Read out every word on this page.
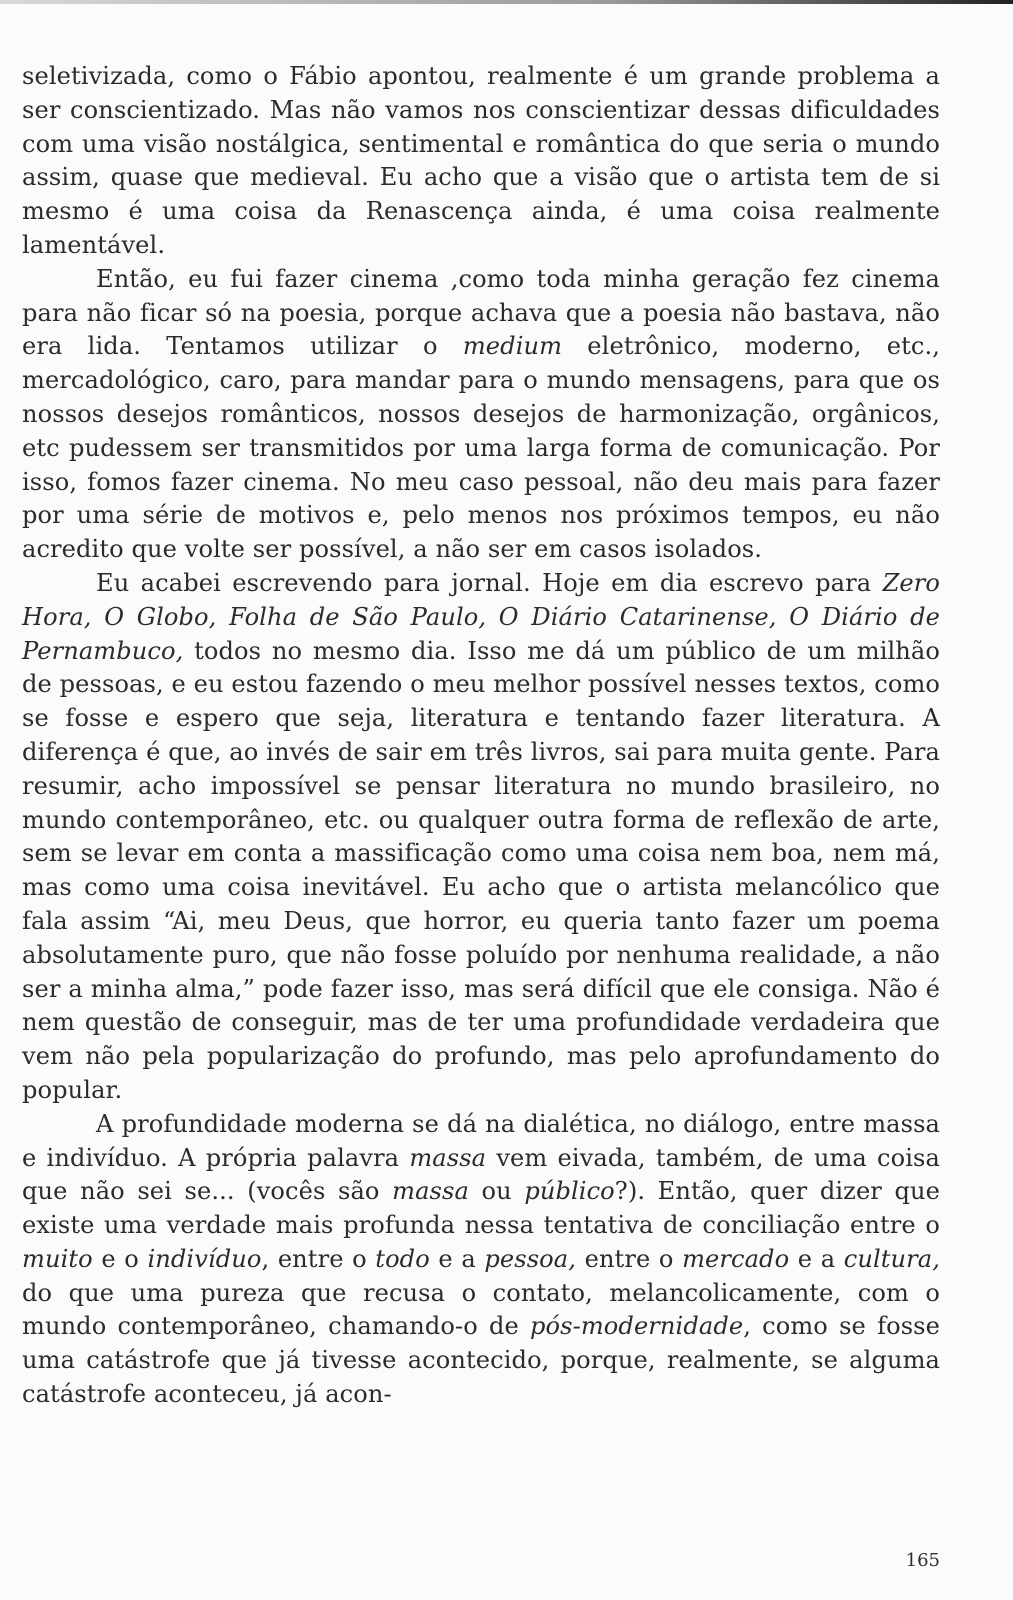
seletivizada, como o Fábio apontou, realmente é um grande problema a ser conscientizado. Mas não vamos nos conscientizar dessas dificuldades com uma visão nostálgica, sentimental e romântica do que seria o mundo assim, quase que medieval. Eu acho que a visão que o artista tem de si mesmo é uma coisa da Renascença ainda, é uma coisa realmente lamentável.

Então, eu fui fazer cinema ,como toda minha geração fez cinema para não ficar só na poesia, porque achava que a poesia não bastava, não era lida. Tentamos utilizar o medium eletrônico, moderno, etc., mercadológico, caro, para mandar para o mundo mensagens, para que os nossos desejos românticos, nossos desejos de harmonização, orgânicos, etc pudessem ser transmitidos por uma larga forma de comunicação. Por isso, fomos fazer cinema. No meu caso pessoal, não deu mais para fazer por uma série de motivos e, pelo menos nos próximos tempos, eu não acredito que volte ser possível, a não ser em casos isolados.

Eu acabei escrevendo para jornal. Hoje em dia escrevo para Zero Hora, O Globo, Folha de São Paulo, O Diário Catarinense, O Diário de Pernambuco, todos no mesmo dia. Isso me dá um público de um milhão de pessoas, e eu estou fazendo o meu melhor possível nesses textos, como se fosse e espero que seja, literatura e tentando fazer literatura. A diferença é que, ao invés de sair em três livros, sai para muita gente. Para resumir, acho impossível se pensar literatura no mundo brasileiro, no mundo contemporâneo, etc. ou qualquer outra forma de reflexão de arte, sem se levar em conta a massificação como uma coisa nem boa, nem má, mas como uma coisa inevitável. Eu acho que o artista melancólico que fala assim “Ai, meu Deus, que horror, eu queria tanto fazer um poema absolutamente puro, que não fosse poluído por nenhuma realidade, a não ser a minha alma,” pode fazer isso, mas será difícil que ele consiga. Não é nem questão de conseguir, mas de ter uma profundidade verdadeira que vem não pela popularização do profundo, mas pelo aprofundamento do popular.

A profundidade moderna se dá na dialética, no diálogo, entre massa e indivíduo. A própria palavra massa vem eivada, também, de uma coisa que não sei se... (vocês são massa ou público?). Então, quer dizer que existe uma verdade mais profunda nessa tentativa de conciliação entre o muito e o indivíduo, entre o todo e a pessoa, entre o mercado e a cultura, do que uma pureza que recusa o contato, melancolicamente, com o mundo contemporâneo, chamando-o de pós-modernidade, como se fosse uma catástrofe que já tivesse acontecido, porque, realmente, se alguma catástrofe aconteceu, já acon-

165
